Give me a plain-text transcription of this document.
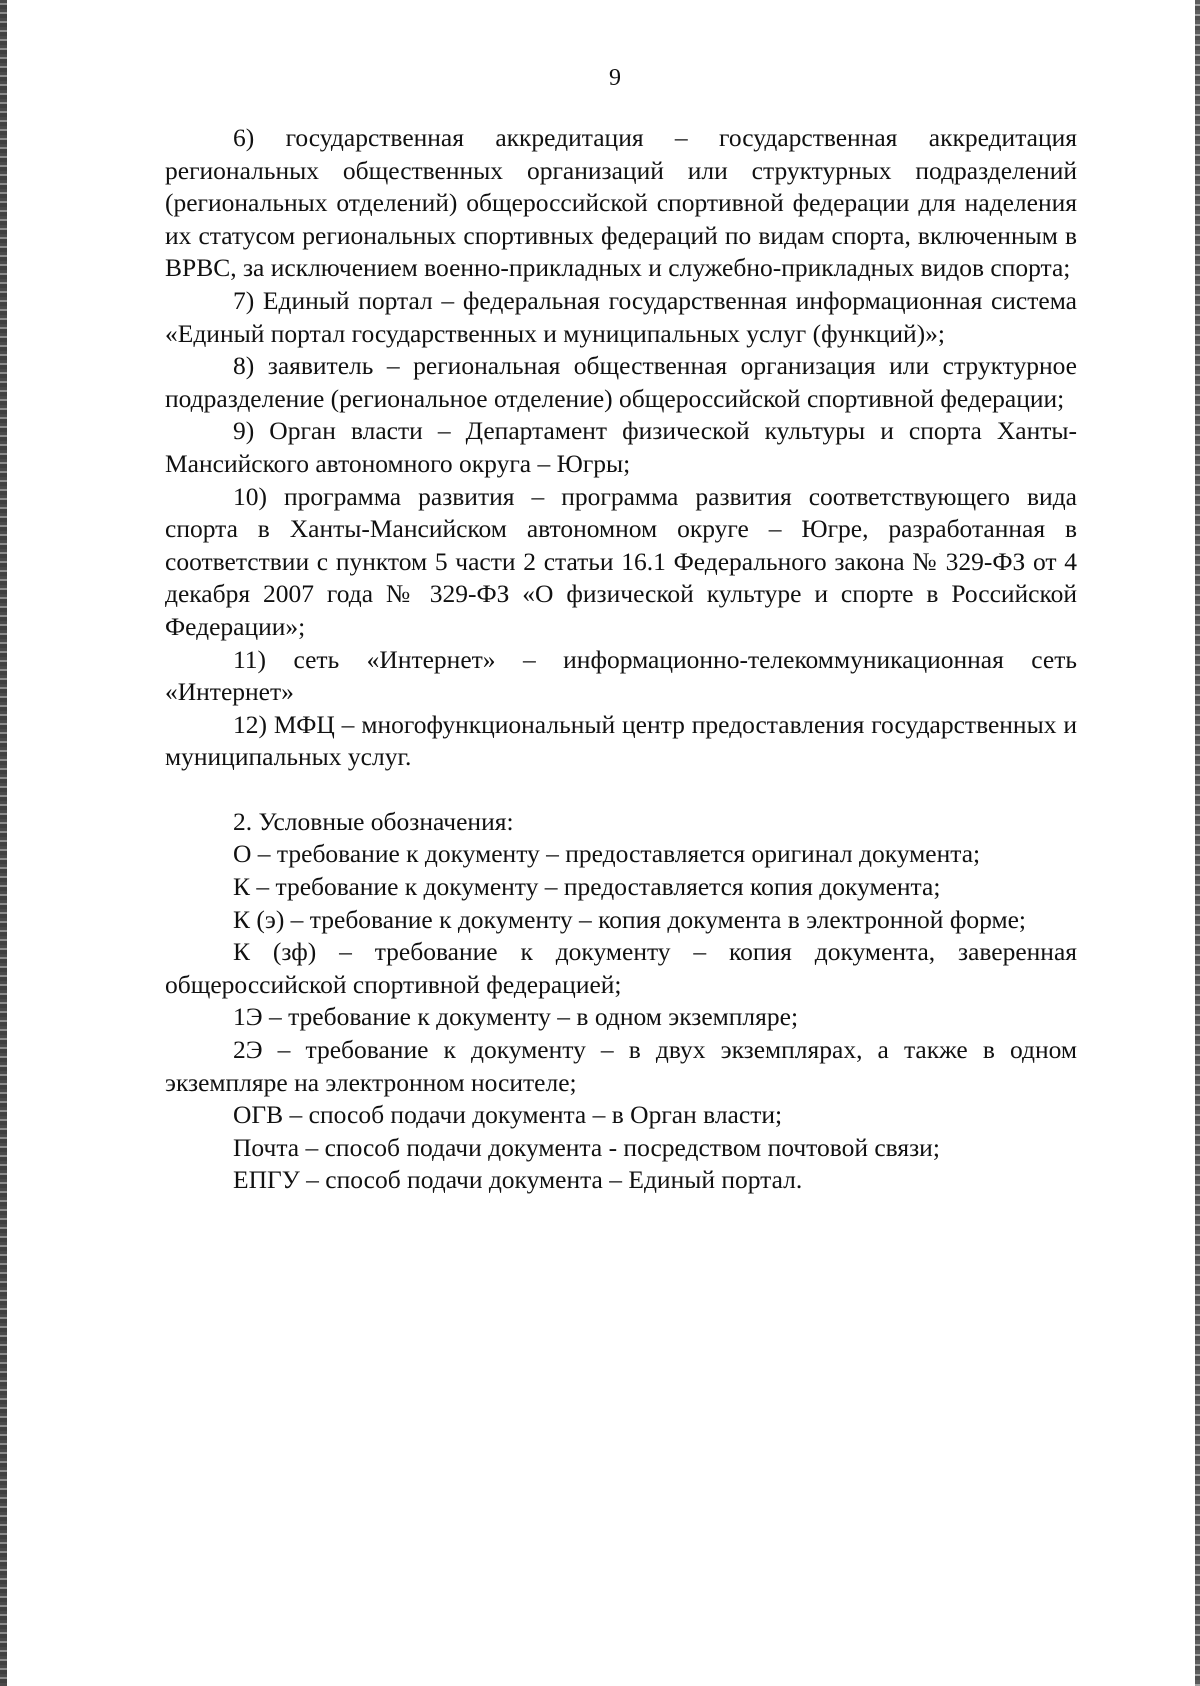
9

6) государственная аккредитация – государственная аккредитация региональных общественных организаций или структурных подразделений (региональных отделений) общероссийской спортивной федерации для наделения их статусом региональных спортивных федераций по видам спорта, включенным в ВРВС, за исключением военно-прикладных и служебно-прикладных видов спорта;

7) Единый портал – федеральная государственная информационная система «Единый портал государственных и муниципальных услуг (функций)»;

8) заявитель – региональная общественная организация или структурное подразделение (региональное отделение) общероссийской спортивной федерации;

9) Орган власти – Департамент физической культуры и спорта Ханты-Мансийского автономного округа – Югры;

10) программа развития – программа развития соответствующего вида спорта в Ханты-Мансийском автономном округе – Югре, разработанная в соответствии с пунктом 5 части 2 статьи 16.1 Федерального закона № 329-ФЗ от 4 декабря 2007 года № 329-ФЗ «О физической культуре и спорте в Российской Федерации»;

11) сеть «Интернет» – информационно-телекоммуникационная сеть «Интернет»

12) МФЦ – многофункциональный центр предоставления государственных и муниципальных услуг.

2. Условные обозначения:

О – требование к документу – предоставляется оригинал документа;

К – требование к документу – предоставляется копия документа;

К (э) – требование к документу – копия документа в электронной форме;

К (зф) – требование к документу – копия документа, заверенная общероссийской спортивной федерацией;

1Э – требование к документу – в одном экземпляре;

2Э – требование к документу – в двух экземплярах, а также в одном экземпляре на электронном носителе;

ОГВ – способ подачи документа – в Орган власти;

Почта – способ подачи документа - посредством почтовой связи;

ЕПГУ – способ подачи документа – Единый портал.
